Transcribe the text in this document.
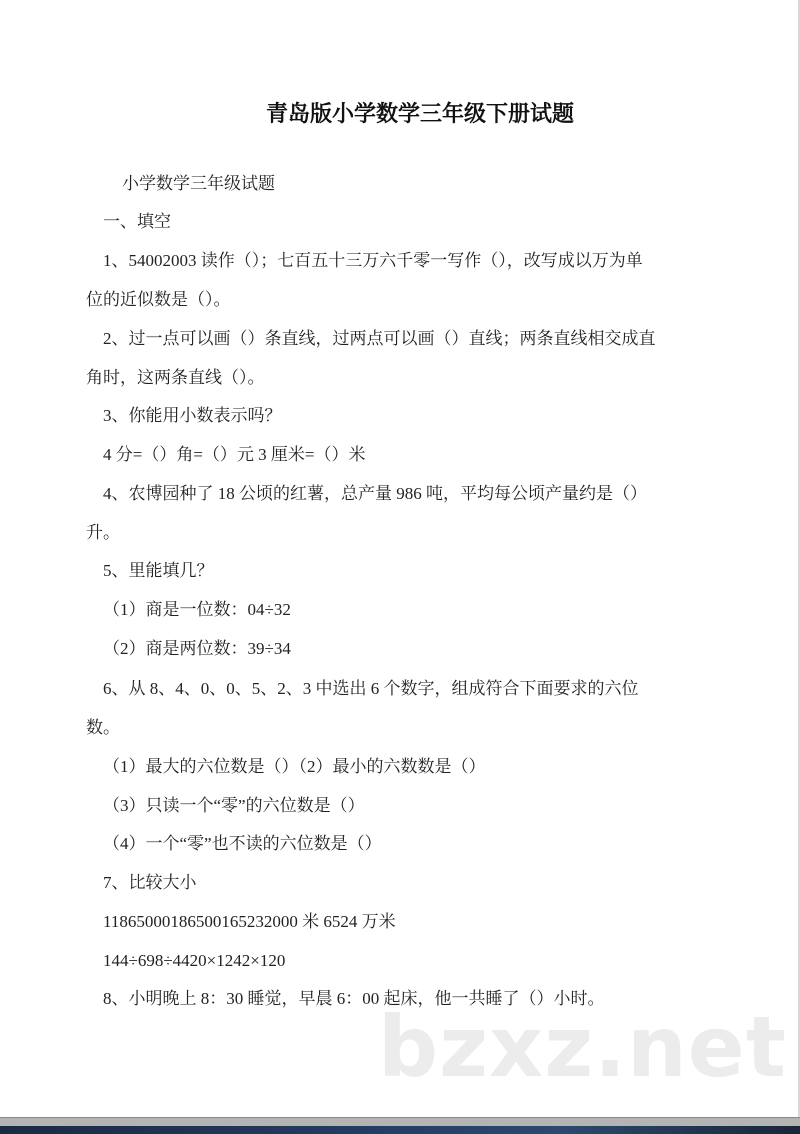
青岛版小学数学三年级下册试题
小学数学三年级试题
一、填空
1、54002003 读作（）；七百五十三万六千零一写作（），改写成以万为单
位的近似数是（）。
2、过一点可以画（）条直线，过两点可以画（）直线；两条直线相交成直
角时，这两条直线（）。
3、你能用小数表示吗？
4 分=（）角=（）元 3 厘米=（）米
4、农博园种了 18 公顷的红薯，总产量 986 吨，平均每公顷产量约是（）
升。
5、里能填几？
（1）商是一位数：04÷32
（2）商是两位数：39÷34
6、从 8、4、0、0、5、2、3 中选出 6 个数字，组成符合下面要求的六位
数。
（1）最大的六位数是（）（2）最小的六数数是（）
（3）只读一个“零”的六位数是（）
（4）一个“零”也不读的六位数是（）
7、比较大小
118650001865001652320​00 米 6524 万米
144÷698÷4420×1242×120
8、小明晚上 8：30 睡觉，早晨 6：00 起床，他一共睡了（）小时。
bzxz.net
